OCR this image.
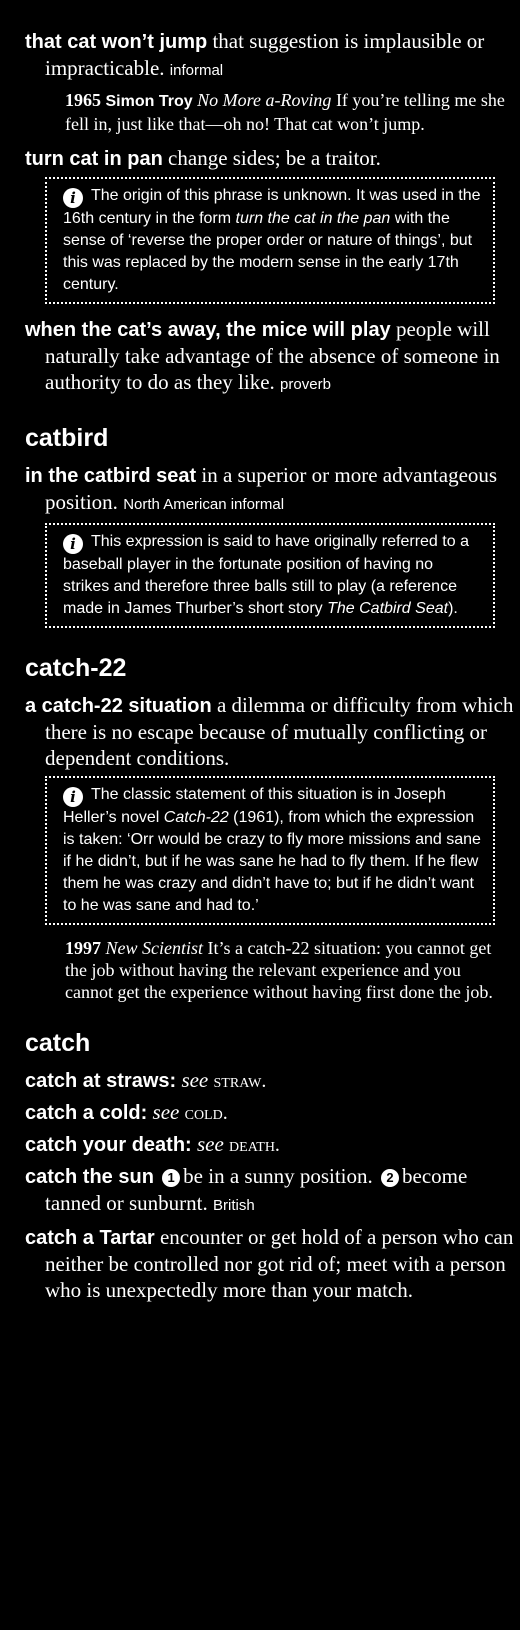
that cat won’t jump that suggestion is implausible or impracticable. informal
1965 Simon Troy No More a-Roving If you’re telling me she fell in, just like that—oh no! That cat won’t jump.
turn cat in pan change sides; be a traitor.
i The origin of this phrase is unknown. It was used in the 16th century in the form turn the cat in the pan with the sense of ‘reverse the proper order or nature of things’, but this was replaced by the modern sense in the early 17th century.
when the cat’s away, the mice will play people will naturally take advantage of the absence of someone in authority to do as they like. proverb
catbird
in the catbird seat in a superior or more advantageous position. North American informal
i This expression is said to have originally referred to a baseball player in the fortunate position of having no strikes and therefore three balls still to play (a reference made in James Thurber’s short story The Catbird Seat).
catch-22
a catch-22 situation a dilemma or difficulty from which there is no escape because of mutually conflicting or dependent conditions.
i The classic statement of this situation is in Joseph Heller’s novel Catch-22 (1961), from which the expression is taken: ‘Orr would be crazy to fly more missions and sane if he didn’t, but if he was sane he had to fly them. If he flew them he was crazy and didn’t have to; but if he didn’t want to he was sane and had to.’
1997 New Scientist It’s a catch-22 situation: you cannot get the job without having the relevant experience and you cannot get the experience without having first done the job.
catch
catch at straws: see straw.
catch a cold: see cold.
catch your death: see death.
catch the sun 1 be in a sunny position. 2 become tanned or sunburnt. British
catch a Tartar encounter or get hold of a person who can neither be controlled nor got rid of; meet with a person who is unexpectedly more than your match.
